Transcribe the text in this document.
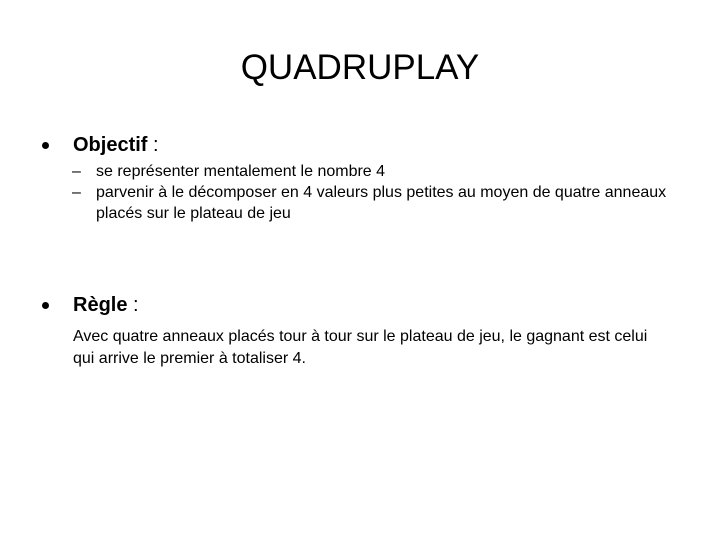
QUADRUPLAY

Objectif :

– se représenter mentalement le nombre 4
– parvenir à le décomposer en 4 valeurs plus petites au moyen de quatre anneaux placés sur le plateau de jeu

Règle :

Avec quatre anneaux placés tour à tour sur le plateau de jeu, le gagnant est celui qui arrive le premier à totaliser 4.
